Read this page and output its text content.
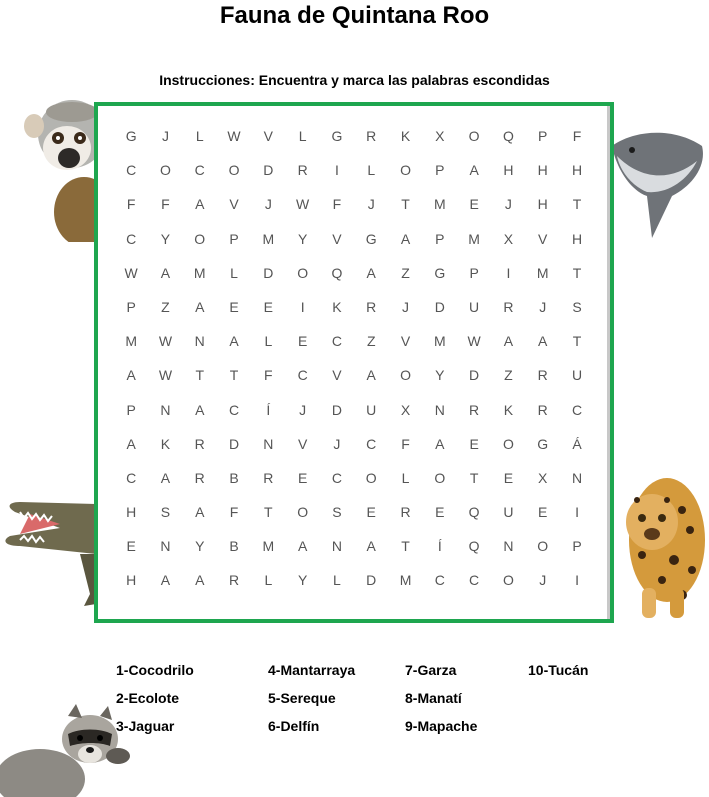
Fauna de Quintana Roo
Instrucciones: Encuentra y marca las palabras escondidas
G	J	L	W	V	L	G	R	K	X	O	Q	P	F
C	O	C	O	D	R	I	L	O	P	A	H	H	H
F	F	A	V	J	W	F	J	T	M	E	J	H	T
C	Y	O	P	M	Y	V	G	A	P	M	X	V	H
W	A	M	L	D	O	Q	A	Z	G	P	I	M	T
P	Z	A	E	E	I	K	R	J	D	U	R	J	S
M	W	N	A	L	E	C	Z	V	M	W	A	A	T
A	W	T	T	F	C	V	A	O	Y	D	Z	R	U
P	N	A	C	Í	J	D	U	X	N	R	K	R	C
A	K	R	D	N	V	J	C	F	A	E	O	G	Á
C	A	R	B	R	E	C	O	L	O	T	E	X	N
H	S	A	F	T	O	S	E	R	E	Q	U	E	I
E	N	Y	B	M	A	N	A	T	Í	Q	N	O	P
H	A	A	R	L	Y	L	D	M	C	C	O	J	I
1-Cocodrilo
2-Ecolote
3-Jaguar
4-Mantarraya
5-Sereque
6-Delfín
7-Garza
8-Manatí
9-Mapache
10-Tucán
